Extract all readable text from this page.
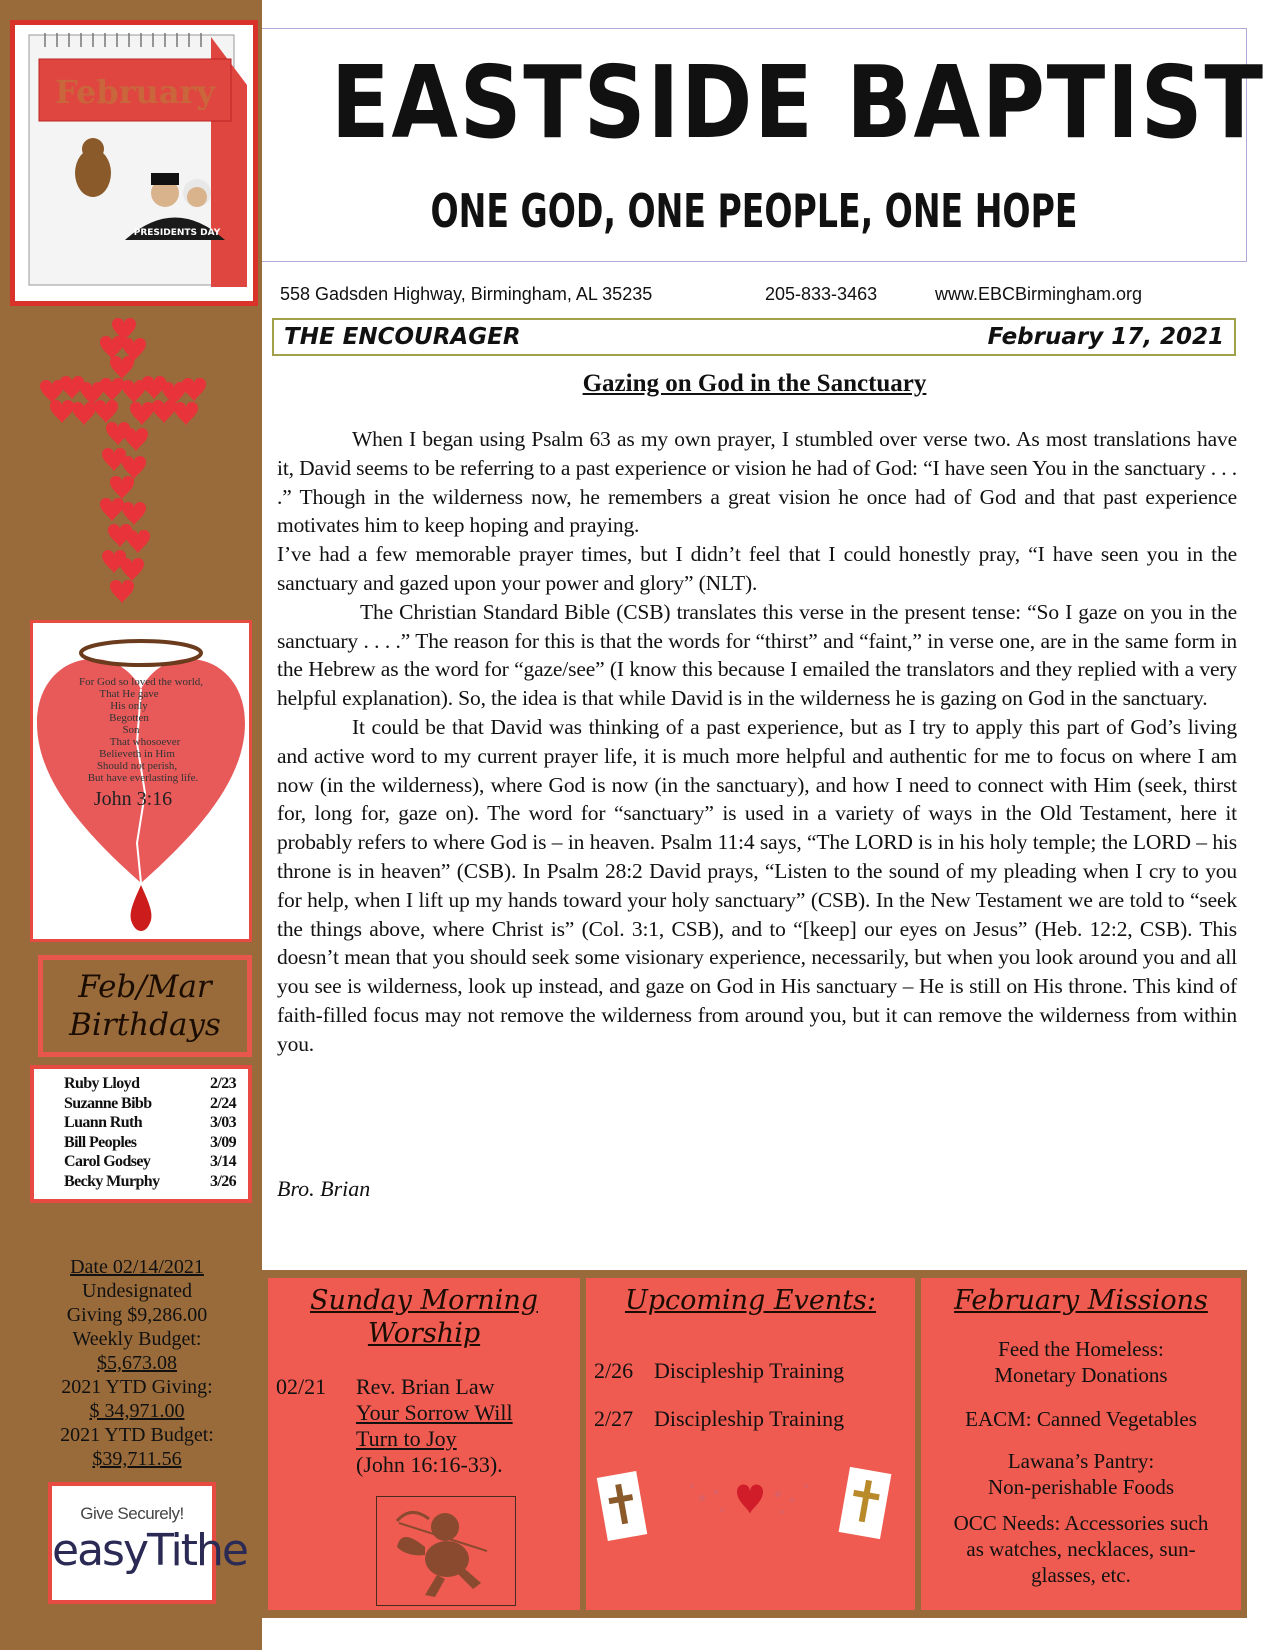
February
PRESIDENTS DAY
For God so loved the world,
That He gave
His only
Begotten
Son
That whosoever
Believeth in Him
Should not perish,
But have everlasting life.
John 3:16
Feb/Mar
Birthdays
Ruby Lloyd	2/23
Suzanne Bibb	2/24
Luann Ruth	3/03
Bill Peoples	3/09
Carol Godsey	3/14
Becky Murphy	3/26
Date 02/14/2021
Undesignated
Giving $9,286.00
Weekly Budget:
$5,673.08
2021 YTD Giving:
$ 34,971.00
2021 YTD Budget:
$39,711.56
Give Securely!
easyTithe
EASTSIDE BAPTIST
ONE GOD, ONE PEOPLE, ONE HOPE
558 Gadsden Highway, Birmingham, AL 35235	205-833-3463	www.EBCBirmingham.org
THE ENCOURAGER	February 17, 2021
Gazing on God in the Sanctuary

When I began using Psalm 63 as my own prayer, I stumbled over verse two. As most translations have it, David seems to be referring to a past experience or vision he had of God: “I have seen You in the sanctuary . . . .” Though in the wilderness now, he remembers a great vision he once had of God and that past experience motivates him to keep hoping and praying.

I’ve had a few memorable prayer times, but I didn’t feel that I could honestly pray, “I have seen you in the sanctuary and gazed upon your power and glory” (NLT).

The Christian Standard Bible (CSB) translates this verse in the present tense: “So I gaze on you in the sanctuary . . . .” The reason for this is that the words for “thirst” and “faint,” in verse one, are in the same form in the Hebrew as the word for “gaze/see” (I know this because I emailed the translators and they replied with a very helpful explanation). So, the idea is that while David is in the wilderness he is gazing on God in the sanctuary.

It could be that David was thinking of a past experience, but as I try to apply this part of God’s living and active word to my current prayer life, it is much more helpful and authentic for me to focus on where I am now (in the wilderness), where God is now (in the sanctuary), and how I need to connect with Him (seek, thirst for, long for, gaze on). The word for “sanctuary” is used in a variety of ways in the Old Testament, here it probably refers to where God is – in heaven. Psalm 11:4 says, “The LORD is in his holy temple; the LORD – his throne is in heaven” (CSB). In Psalm 28:2 David prays, “Listen to the sound of my pleading when I cry to you for help, when I lift up my hands toward your holy sanctuary” (CSB). In the New Testament we are told to “seek the things above, where Christ is” (Col. 3:1, CSB), and to “[keep] our eyes on Jesus” (Heb. 12:2, CSB). This doesn’t mean that you should seek some visionary experience, necessarily, but when you look around you and all you see is wilderness, look up instead, and gaze on God in His sanctuary – He is still on His throne. This kind of faith-filled focus may not remove the wilderness from around you, but it can remove the wilderness from within you.

Bro. Brian
Sunday Morning
Worship
02/21 Rev. Brian Law
Your Sorrow Will
Turn to Joy
(John 16:16-33).
Upcoming Events:
2/26 Discipleship Training
2/27 Discipleship Training
February Missions
Feed the Homeless:
Monetary Donations
EACM: Canned Vegetables
Lawana’s Pantry:
Non-perishable Foods
OCC Needs: Accessories such
as watches, necklaces, sun-
glasses, etc.
